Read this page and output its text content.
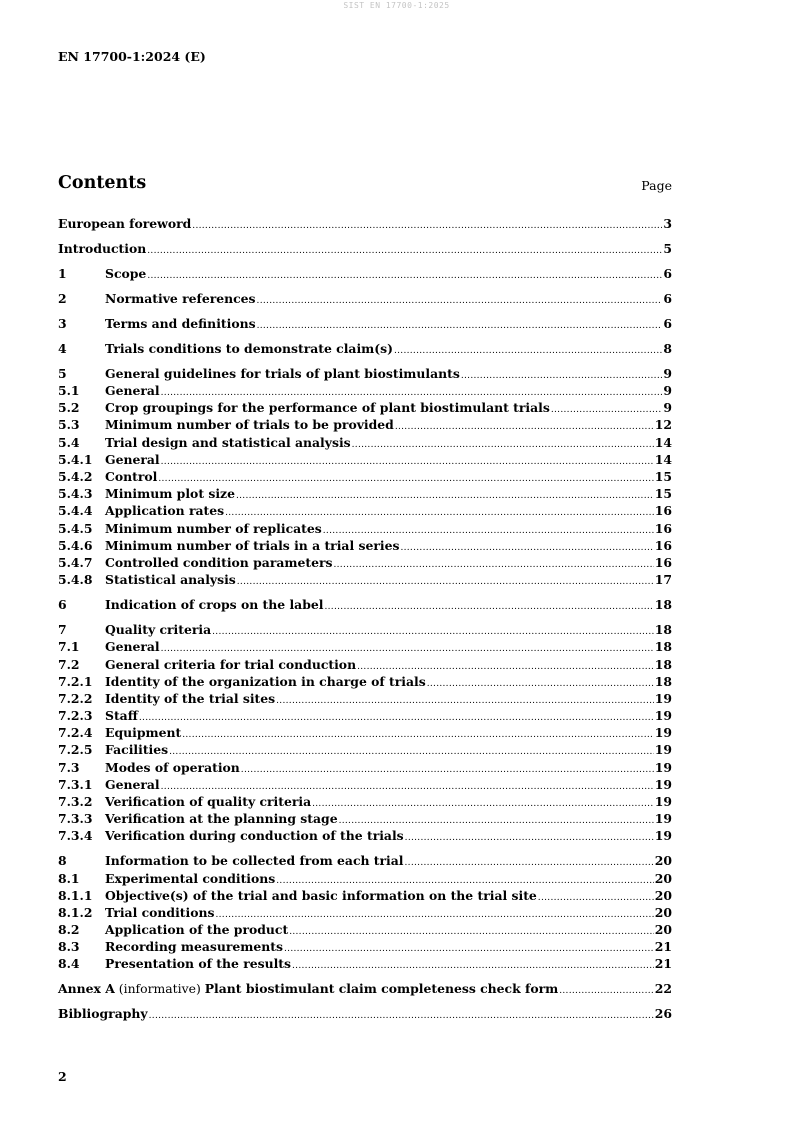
SIST EN 17700-1:2025
EN 17700-1:2024 (E)
Contents	Page
European foreword .....	3
Introduction .....	5
1	Scope .....	6
2	Normative references .....	6
3	Terms and definitions .....	6
4	Trials conditions to demonstrate claim(s) .....	8
5	General guidelines for trials of plant biostimulants .....	9
5.1	General .....	9
5.2	Crop groupings for the performance of plant biostimulant trials .....	9
5.3	Minimum number of trials to be provided .....	12
5.4	Trial design and statistical analysis .....	14
5.4.1	General .....	14
5.4.2	Control .....	15
5.4.3	Minimum plot size .....	15
5.4.4	Application rates .....	16
5.4.5	Minimum number of replicates .....	16
5.4.6	Minimum number of trials in a trial series .....	16
5.4.7	Controlled condition parameters .....	16
5.4.8	Statistical analysis .....	17
6	Indication of crops on the label .....	18
7	Quality criteria .....	18
7.1	General .....	18
7.2	General criteria for trial conduction .....	18
7.2.1	Identity of the organization in charge of trials .....	18
7.2.2	Identity of the trial sites .....	19
7.2.3	Staff .....	19
7.2.4	Equipment .....	19
7.2.5	Facilities .....	19
7.3	Modes of operation .....	19
7.3.1	General .....	19
7.3.2	Verification of quality criteria .....	19
7.3.3	Verification at the planning stage .....	19
7.3.4	Verification during conduction of the trials .....	19
8	Information to be collected from each trial .....	20
8.1	Experimental conditions .....	20
8.1.1	Objective(s) of the trial and basic information on the trial site .....	20
8.1.2	Trial conditions .....	20
8.2	Application of the product .....	20
8.3	Recording measurements .....	21
8.4	Presentation of the results .....	21
Annex A (informative) Plant biostimulant claim completeness check form .....	22
Bibliography .....	26
2
